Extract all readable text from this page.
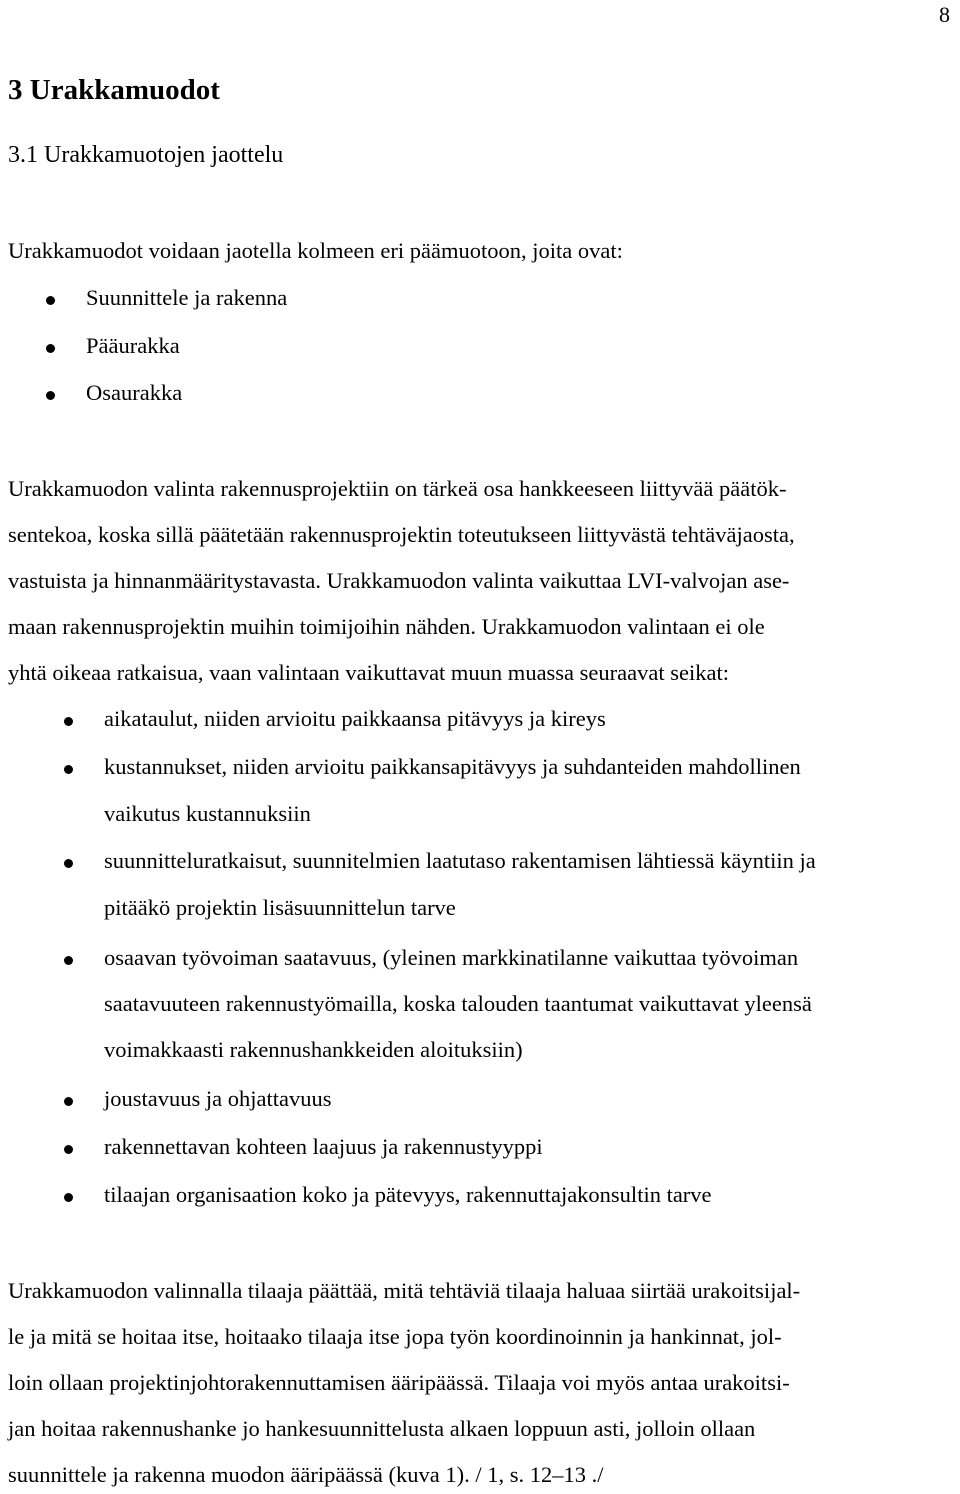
8
3 Urakkamuodot
3.1 Urakkamuotojen jaottelu
Urakkamuodot voidaan jaotella kolmeen eri päämuotoon, joita ovat:
Suunnittele ja rakenna
Pääurakka
Osaurakka
Urakkamuodon valinta rakennusprojektiin on tärkeä osa hankkeeseen liittyvää päätök-
sentekoa, koska sillä päätetään rakennusprojektin toteutukseen liittyvästä tehtäväjaosta,
vastuista ja hinnanmääritystavasta. Urakkamuodon valinta vaikuttaa LVI-valvojan ase-
maan rakennusprojektin muihin toimijoihin nähden. Urakkamuodon valintaan ei ole
yhtä oikeaa ratkaisua, vaan valintaan vaikuttavat muun muassa seuraavat seikat:
aikataulut, niiden arvioitu paikkaansa pitävyys ja kireys
kustannukset, niiden arvioitu paikkansapitävyys ja suhdanteiden mahdollinen
vaikutus kustannuksiin
suunnitteluratkaisut, suunnitelmien laatutaso rakentamisen lähtiessä käyntiin ja
pitääkö projektin lisäsuunnittelun tarve
osaavan työvoiman saatavuus, (yleinen markkinatilanne vaikuttaa työvoiman
saatavuuteen rakennustyömailla, koska talouden taantumat vaikuttavat yleensä
voimakkaasti rakennushankkeiden aloituksiin)
joustavuus ja ohjattavuus
rakennettavan kohteen laajuus ja rakennustyyppi
tilaajan organisaation koko ja pätevyys, rakennuttajakonsultin tarve
Urakkamuodon valinnalla tilaaja päättää, mitä tehtäviä tilaaja haluaa siirtää urakoitsijal-
le ja mitä se hoitaa itse, hoitaako tilaaja itse jopa työn koordinoinnin ja hankinnat, jol-
loin ollaan projektinjohtorakennuttamisen ääripäässä. Tilaaja voi myös antaa urakoitsi-
jan hoitaa rakennushanke jo hankesuunnittelusta alkaen loppuun asti, jolloin ollaan
suunnittele ja rakenna muodon ääripäässä (kuva 1). / 1, s. 12–13 ./
